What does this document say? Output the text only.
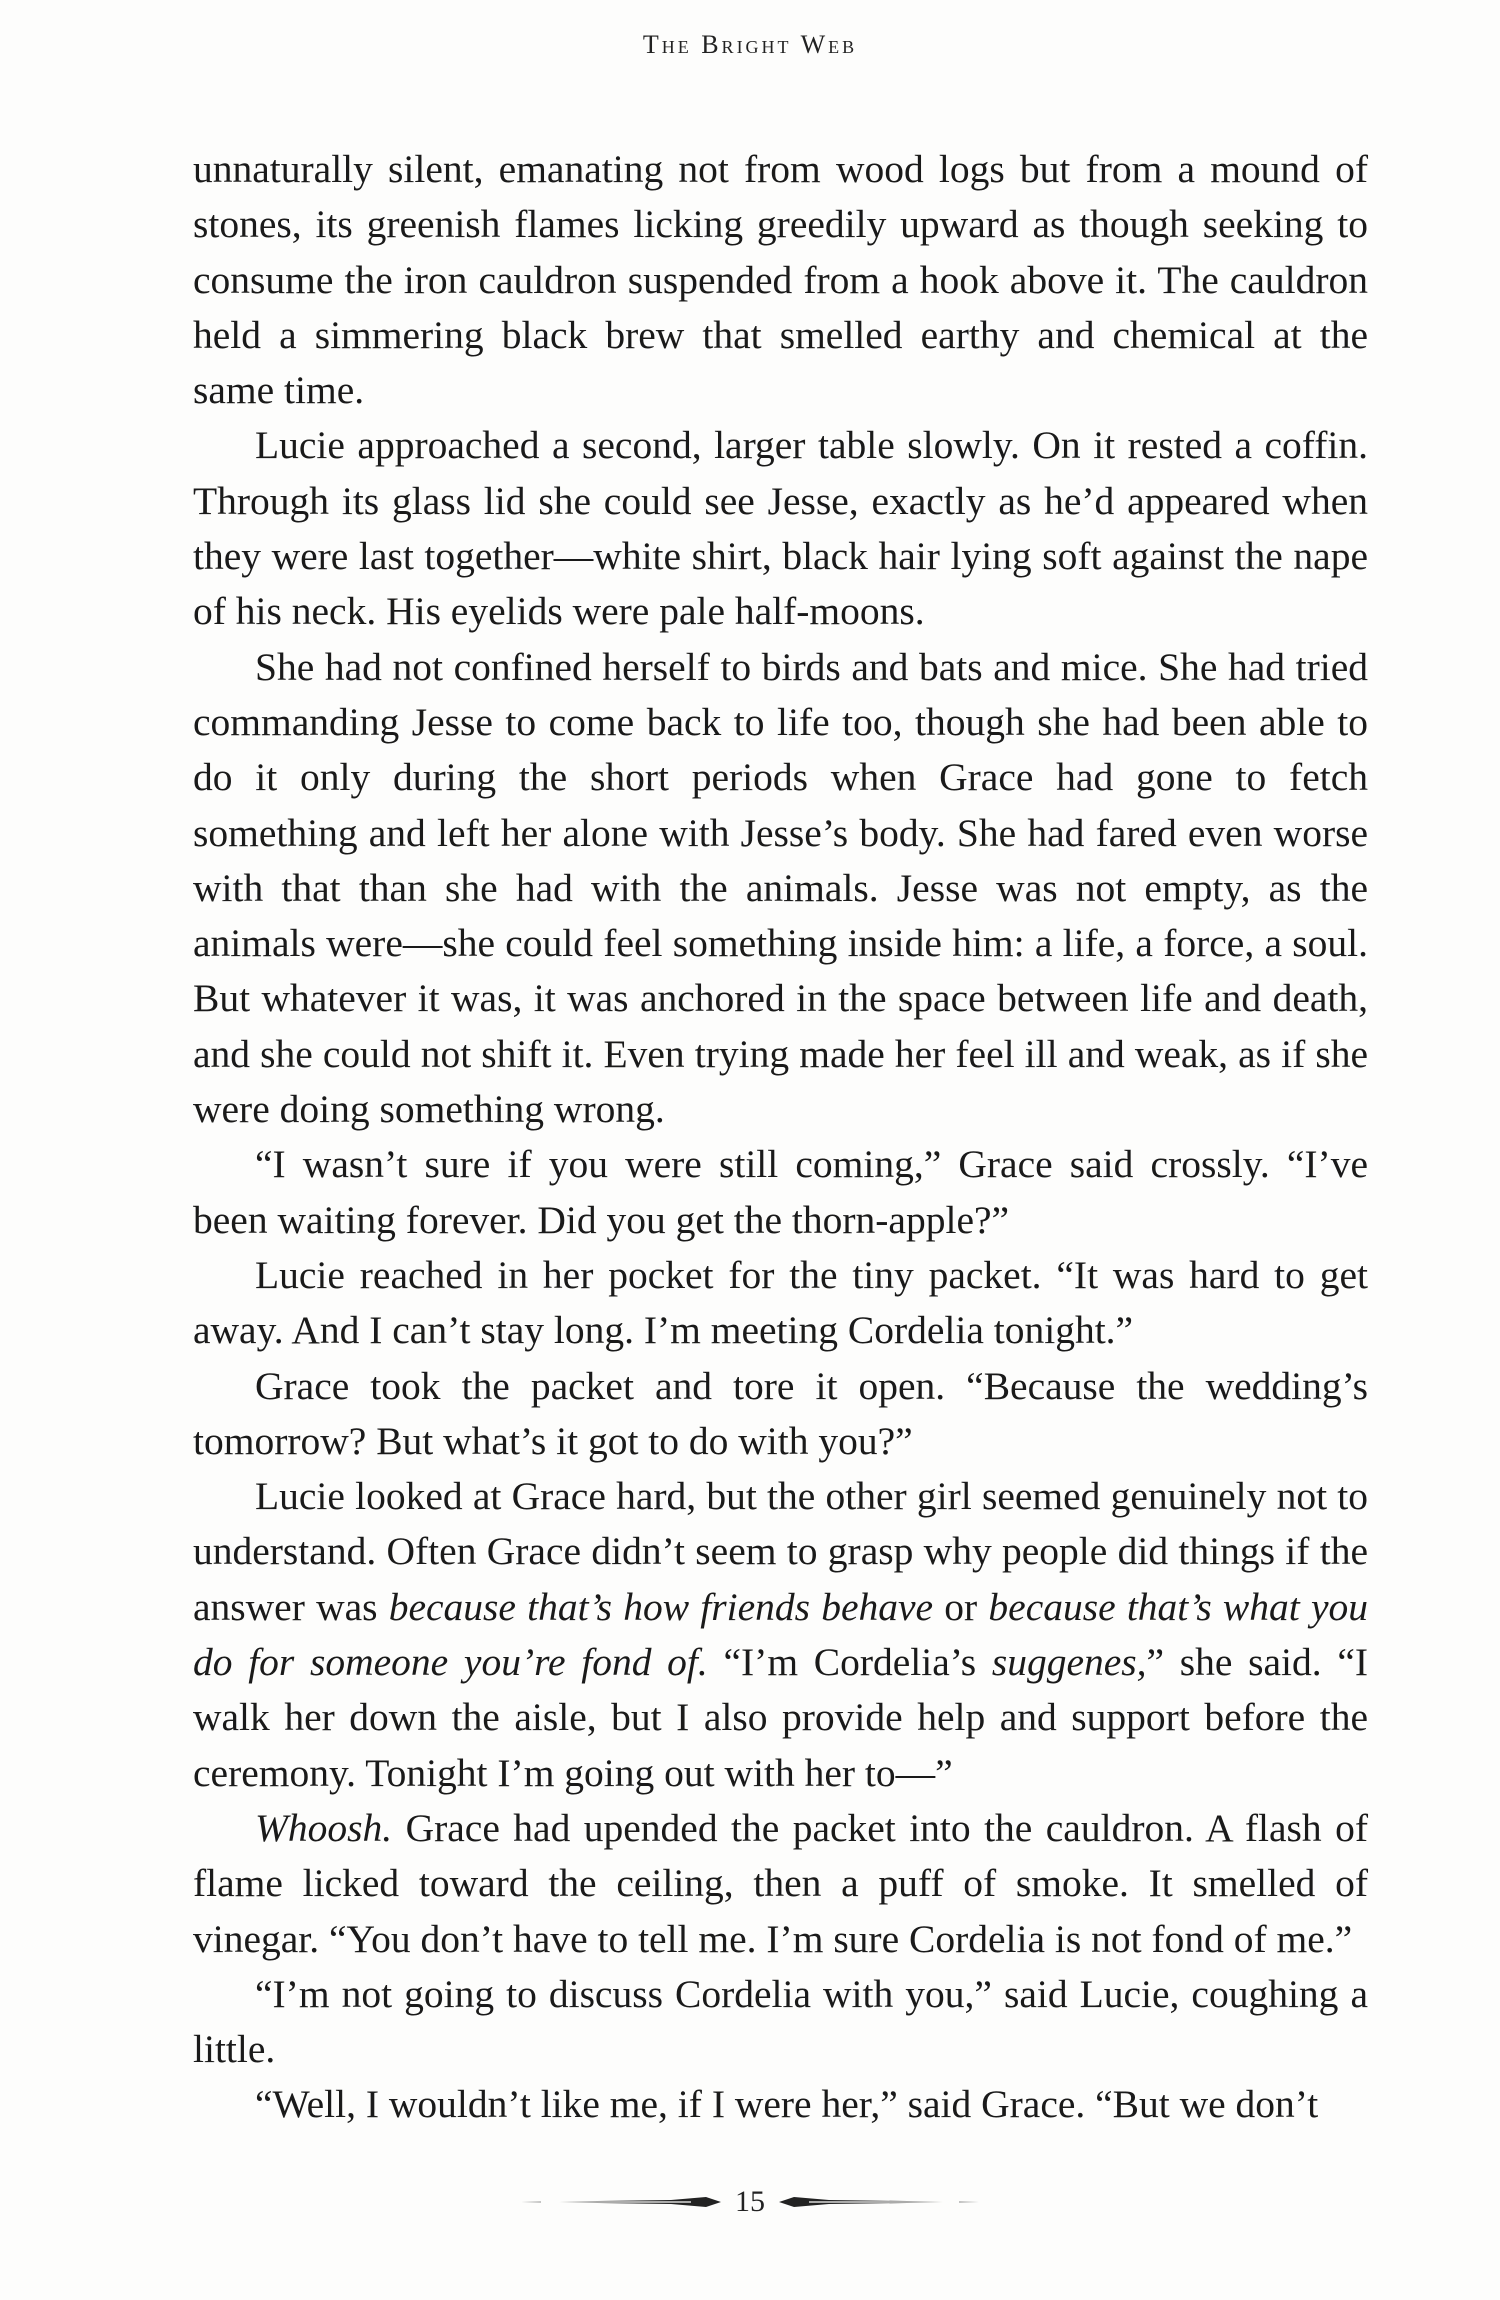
The Bright Web

unnaturally silent, emanating not from wood logs but from a mound of stones, its greenish flames licking greedily upward as though seeking to consume the iron cauldron suspended from a hook above it. The cauldron held a simmering black brew that smelled earthy and chemical at the same time.

Lucie approached a second, larger table slowly. On it rested a coffin. Through its glass lid she could see Jesse, exactly as he’d appeared when they were last together—white shirt, black hair lying soft against the nape of his neck. His eyelids were pale half-moons.

She had not confined herself to birds and bats and mice. She had tried commanding Jesse to come back to life too, though she had been able to do it only during the short periods when Grace had gone to fetch something and left her alone with Jesse’s body. She had fared even worse with that than she had with the animals. Jesse was not empty, as the animals were—she could feel something inside him: a life, a force, a soul. But whatever it was, it was anchored in the space between life and death, and she could not shift it. Even trying made her feel ill and weak, as if she were doing something wrong.

“I wasn’t sure if you were still coming,” Grace said crossly. “I’ve been waiting forever. Did you get the thorn-apple?”

Lucie reached in her pocket for the tiny packet. “It was hard to get away. And I can’t stay long. I’m meeting Cordelia tonight.”

Grace took the packet and tore it open. “Because the wedding’s tomorrow? But what’s it got to do with you?”

Lucie looked at Grace hard, but the other girl seemed genuinely not to understand. Often Grace didn’t seem to grasp why people did things if the answer was because that’s how friends behave or because that’s what you do for someone you’re fond of. “I’m Cordelia’s suggenes,” she said. “I walk her down the aisle, but I also provide help and support before the ceremony. Tonight I’m going out with her to—”

Whoosh. Grace had upended the packet into the cauldron. A flash of flame licked toward the ceiling, then a puff of smoke. It smelled of vinegar. “You don’t have to tell me. I’m sure Cordelia is not fond of me.”

“I’m not going to discuss Cordelia with you,” said Lucie, coughing a little.

“Well, I wouldn’t like me, if I were her,” said Grace. “But we don’t

15
